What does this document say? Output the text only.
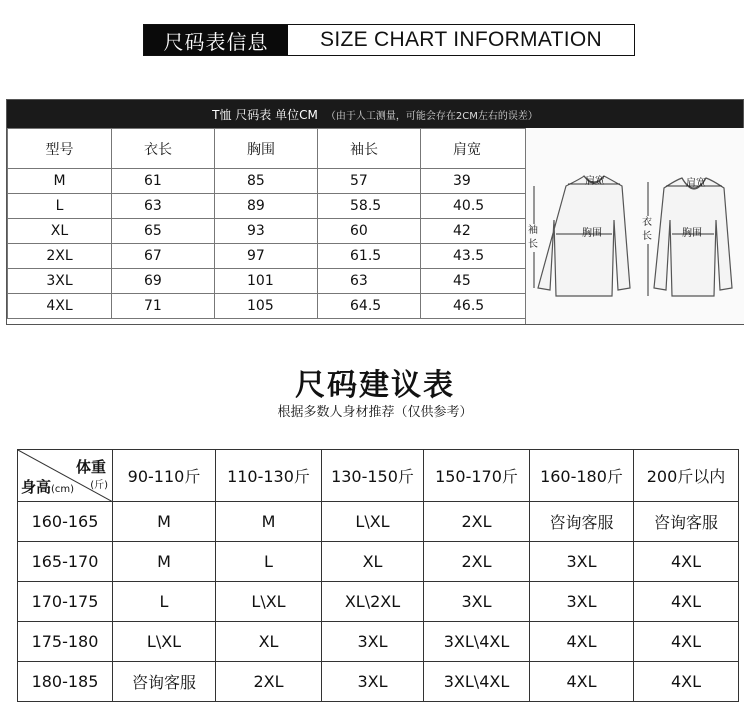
尺码表信息	SIZE CHART INFORMATION
T恤 尺码表 单位CM （由于人工测量，可能会存在2CM左右的误差）
型号	衣长	胸围	袖长	肩宽
M	61	85	57	39
L	63	89	58.5	40.5
XL	65	93	60	42
2XL	67	97	61.5	43.5
3XL	69	101	63	45
4XL	71	105	64.5	46.5
肩宽
胸围
袖长
肩宽
胸围
衣长
尺码建议表
根据多数人身材推荐（仅供参考）
体重
(斤)
身高(cm)	90-110斤	110-130斤	130-150斤	150-170斤	160-180斤	200斤以内
160-165	M	M	L\XL	2XL	咨询客服	咨询客服
165-170	M	L	XL	2XL	3XL	4XL
170-175	L	L\XL	XL\2XL	3XL	3XL	4XL
175-180	L\XL	XL	3XL	3XL\4XL	4XL	4XL
180-185	咨询客服	2XL	3XL	3XL\4XL	4XL	4XL
